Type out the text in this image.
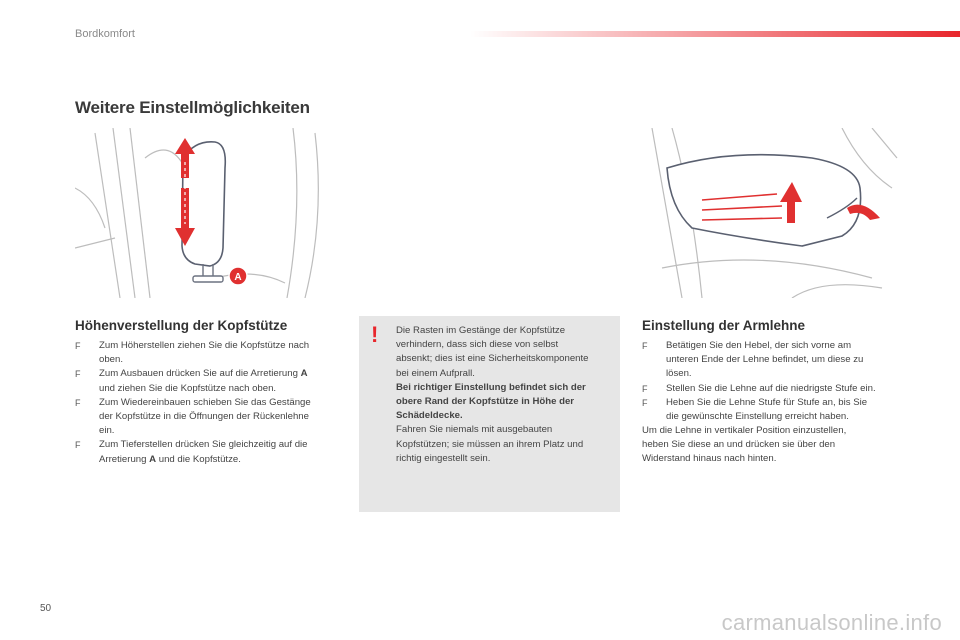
Bordkomfort
Weitere Einstellmöglichkeiten
A
Höhenverstellung der Kopfstütze
F Zum Höherstellen ziehen Sie die Kopfstütze nach
oben.
F Zum Ausbauen drücken Sie auf die Arretierung A
und ziehen Sie die Kopfstütze nach oben.
F Zum Wiedereinbauen schieben Sie das Gestänge
der Kopfstütze in die Öffnungen der Rückenlehne
ein.
F Zum Tieferstellen drücken Sie gleichzeitig auf die
Arretierung A und die Kopfstütze.
! Die Rasten im Gestänge der Kopfstütze
verhindern, dass sich diese von selbst
absenkt; dies ist eine Sicherheitskomponente
bei einem Aufprall.
Bei richtiger Einstellung befindet sich der
obere Rand der Kopfstütze in Höhe der
Schädeldecke.
Fahren Sie niemals mit ausgebauten
Kopfstützen; sie müssen an ihrem Platz und
richtig eingestellt sein.
Einstellung der Armlehne
F Betätigen Sie den Hebel, der sich vorne am
unteren Ende der Lehne befindet, um diese zu
lösen.
F Stellen Sie die Lehne auf die niedrigste Stufe ein.
F Heben Sie die Lehne Stufe für Stufe an, bis Sie
die gewünschte Einstellung erreicht haben.
Um die Lehne in vertikaler Position einzustellen,
heben Sie diese an und drücken sie über den
Widerstand hinaus nach hinten.
50
carmanualsonline.info
